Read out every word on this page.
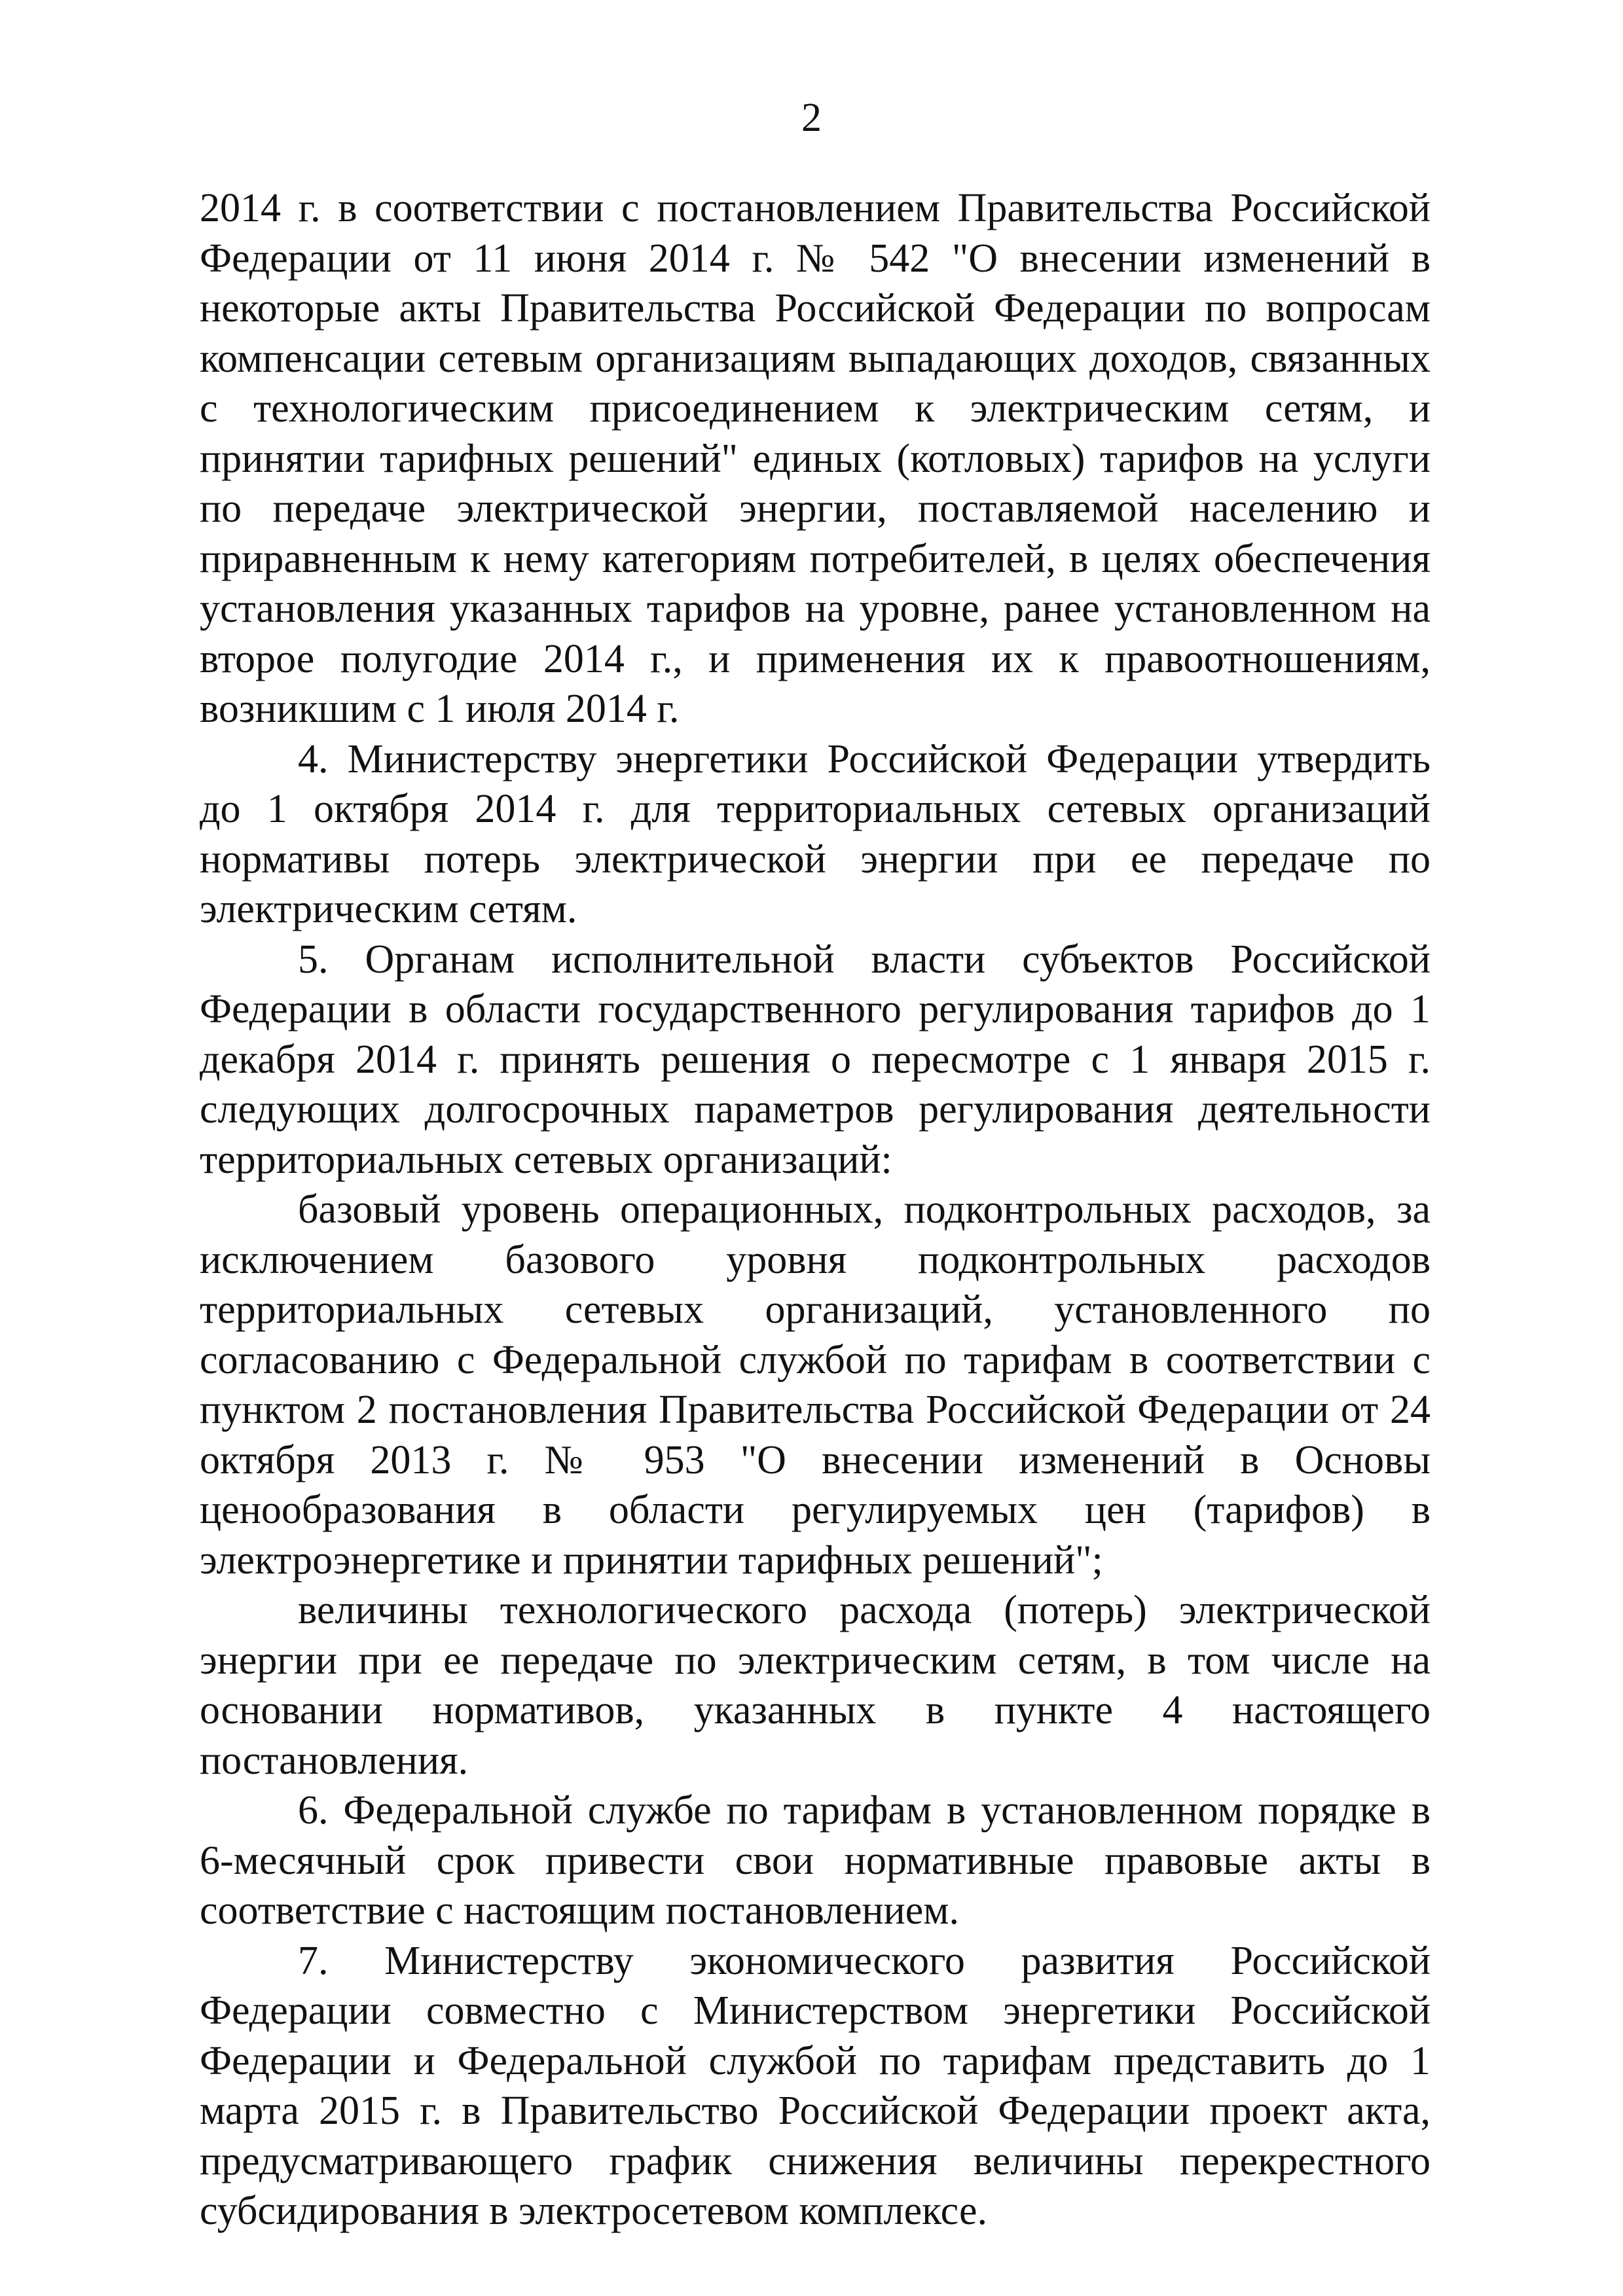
2

2014 г. в соответствии с постановлением Правительства Российской Федерации от 11 июня 2014 г. № 542 "О внесении изменений в некоторые акты Правительства Российской Федерации по вопросам компенсации сетевым организациям выпадающих доходов, связанных с технологическим присоединением к электрическим сетям, и принятии тарифных решений" единых (котловых) тарифов на услуги по передаче электрической энергии, поставляемой населению и приравненным к нему категориям потребителей, в целях обеспечения установления указанных тарифов на уровне, ранее установленном на второе полугодие 2014 г., и применения их к правоотношениям, возникшим с 1 июля 2014 г.

4. Министерству энергетики Российской Федерации утвердить до 1 октября 2014 г. для территориальных сетевых организаций нормативы потерь электрической энергии при ее передаче по электрическим сетям.

5. Органам исполнительной власти субъектов Российской Федерации в области государственного регулирования тарифов до 1 декабря 2014 г. принять решения о пересмотре с 1 января 2015 г. следующих долгосрочных параметров регулирования деятельности территориальных сетевых организаций:

базовый уровень операционных, подконтрольных расходов, за исключением базового уровня подконтрольных расходов территориальных сетевых организаций, установленного по согласованию с Федеральной службой по тарифам в соответствии с пунктом 2 постановления Правительства Российской Федерации от 24 октября 2013 г. № 953 "О внесении изменений в Основы ценообразования в области регулируемых цен (тарифов) в электроэнергетике и принятии тарифных решений";

величины технологического расхода (потерь) электрической энергии при ее передаче по электрическим сетям, в том числе на основании нормативов, указанных в пункте 4 настоящего постановления.

6. Федеральной службе по тарифам в установленном порядке в 6-месячный срок привести свои нормативные правовые акты в соответствие с настоящим постановлением.

7. Министерству экономического развития Российской Федерации совместно с Министерством энергетики Российской Федерации и Федеральной службой по тарифам представить до 1 марта 2015 г. в Правительство Российской Федерации проект акта, предусматривающего график снижения величины перекрестного субсидирования в электросетевом комплексе.
